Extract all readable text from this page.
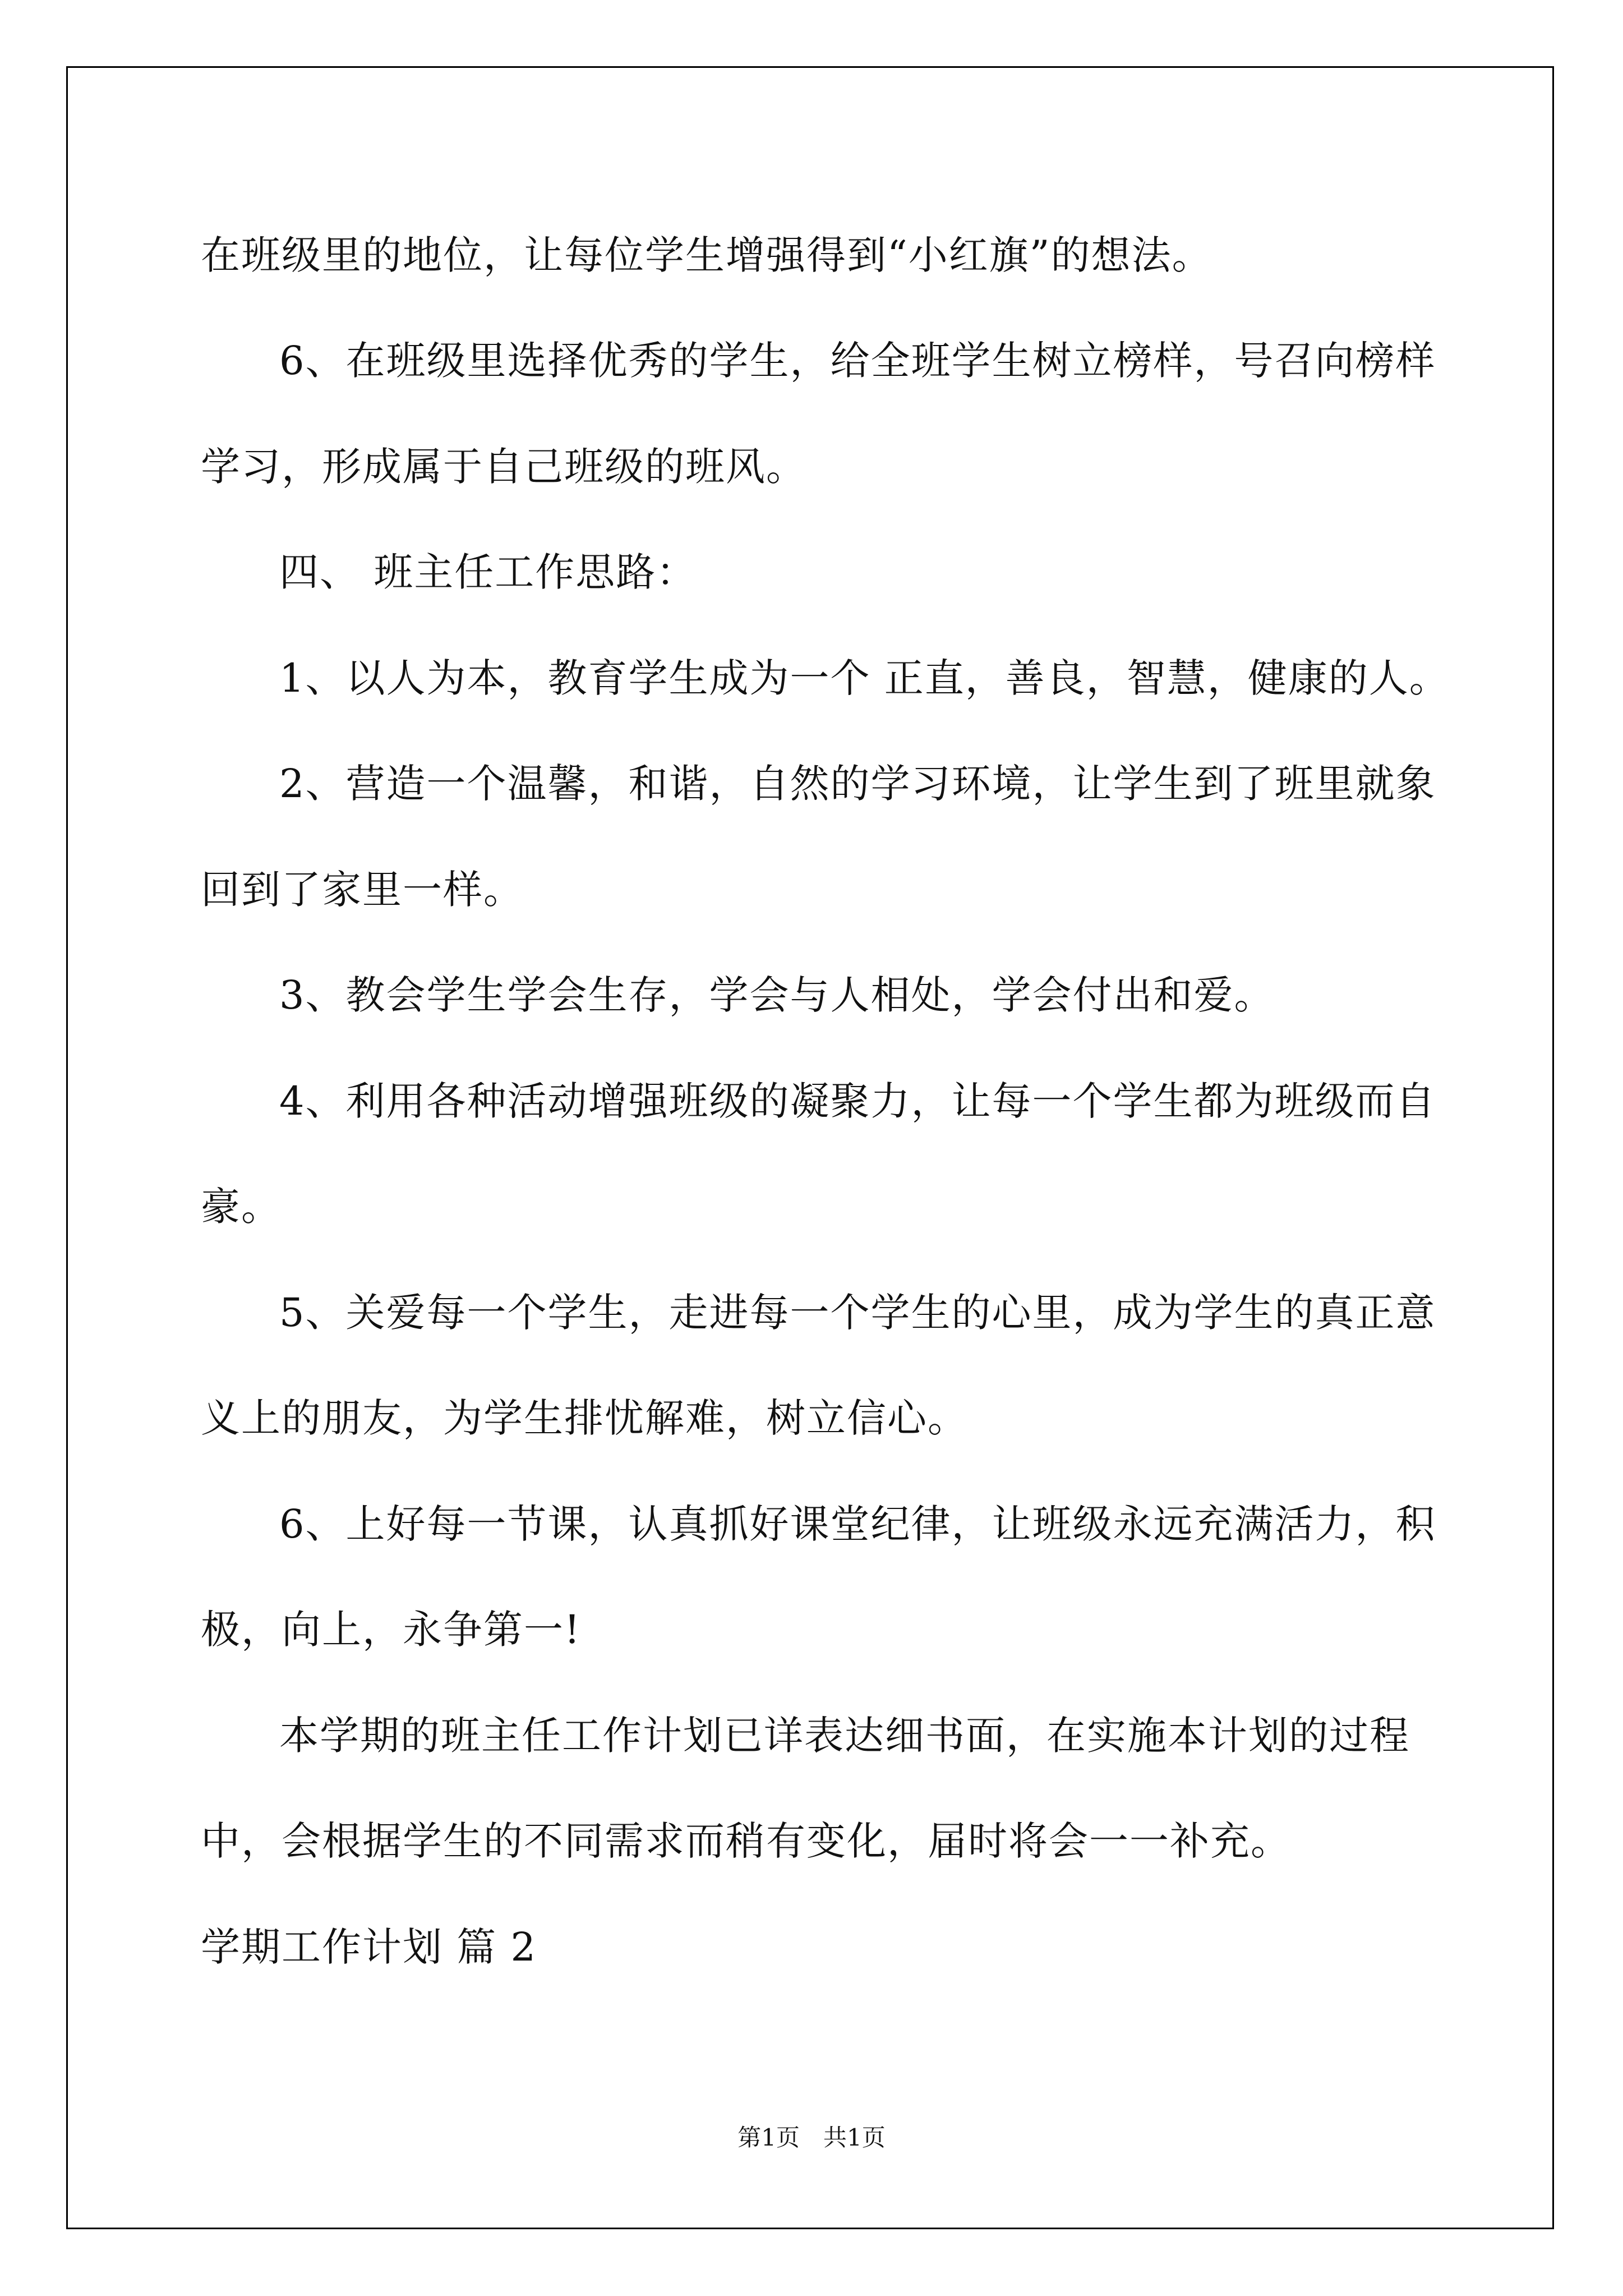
在班级里的地位，让每位学生增强得到“小红旗”的想法。
6、在班级里选择优秀的学生，给全班学生树立榜样，号召向榜样
学习，形成属于自己班级的班风。
四、 班主任工作思路：
1、以人为本，教育学生成为一个 正直，善良，智慧，健康的人。
2、营造一个温馨，和谐，自然的学习环境，让学生到了班里就象
回到了家里一样。
3、教会学生学会生存，学会与人相处，学会付出和爱。
4、利用各种活动增强班级的凝聚力，让每一个学生都为班级而自
豪。
5、关爱每一个学生，走进每一个学生的心里，成为学生的真正意
义上的朋友，为学生排忧解难，树立信心。
6、上好每一节课，认真抓好课堂纪律，让班级永远充满活力，积
极，向上，永争第一!
本学期的班主任工作计划已详表达细书面，在实施本计划的过程
中，会根据学生的不同需求而稍有变化，届时将会一一补充。
学期工作计划 篇 2
第1页　共1页
